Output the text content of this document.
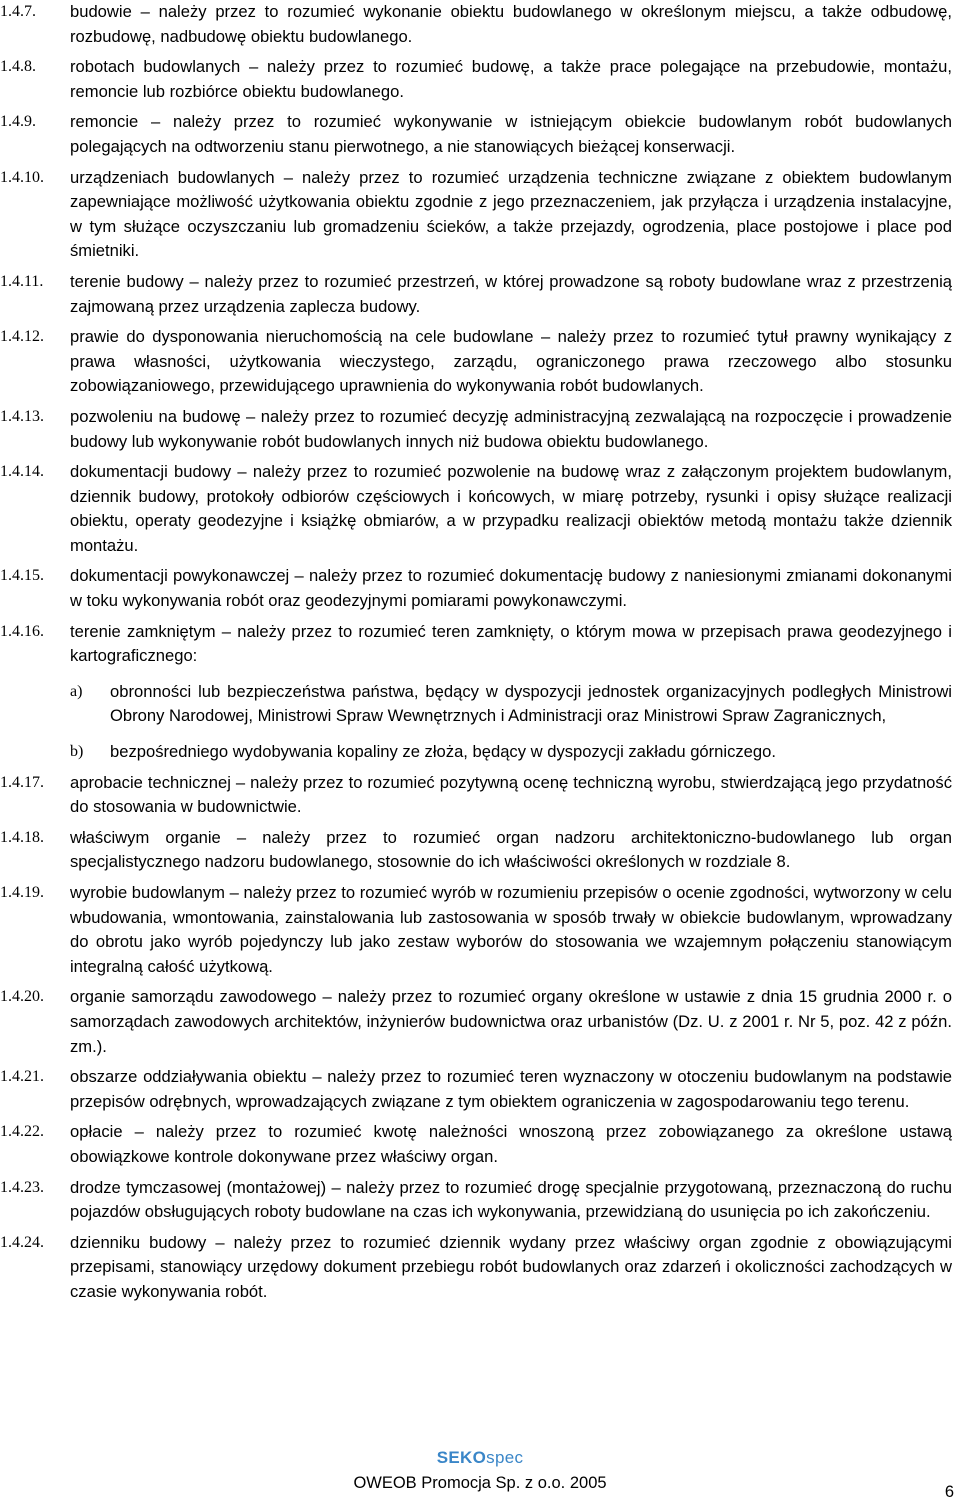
1.4.7. budowie – należy przez to rozumieć wykonanie obiektu budowlanego w określonym miejscu, a także odbudowę, rozbudowę, nadbudowę obiektu budowlanego.
1.4.8. robotach budowlanych – należy przez to rozumieć budowę, a także prace polegające na przebudowie, montażu, remoncie lub rozbiórce obiektu budowlanego.
1.4.9. remoncie – należy przez to rozumieć wykonywanie w istniejącym obiekcie budowlanym robót budowlanych polegających na odtworzeniu stanu pierwotnego, a nie stanowiących bieżącej konserwacji.
1.4.10. urządzeniach budowlanych – należy przez to rozumieć urządzenia techniczne związane z obiektem budowlanym zapewniające możliwość użytkowania obiektu zgodnie z jego przeznaczeniem, jak przyłącza i urządzenia instalacyjne, w tym służące oczyszczaniu lub gromadzeniu ścieków, a także przejazdy, ogrodzenia, place postojowe i place pod śmietniki.
1.4.11. terenie budowy – należy przez to rozumieć przestrzeń, w której prowadzone są roboty budowlane wraz z przestrzenią zajmowaną przez urządzenia zaplecza budowy.
1.4.12. prawie do dysponowania nieruchomością na cele budowlane – należy przez to rozumieć tytuł prawny wynikający z prawa własności, użytkowania wieczystego, zarządu, ograniczonego prawa rzeczowego albo stosunku zobowiązaniowego, przewidującego uprawnienia do wykonywania robót budowlanych.
1.4.13. pozwoleniu na budowę – należy przez to rozumieć decyzję administracyjną zezwalającą na rozpoczęcie i prowadzenie budowy lub wykonywanie robót budowlanych innych niż budowa obiektu budowlanego.
1.4.14. dokumentacji budowy – należy przez to rozumieć pozwolenie na budowę wraz z załączonym projektem budowlanym, dziennik budowy, protokoły odbiorów częściowych i końcowych, w miarę potrzeby, rysunki i opisy służące realizacji obiektu, operaty geodezyjne i książkę obmiarów, a w przypadku realizacji obiektów metodą montażu także dziennik montażu.
1.4.15. dokumentacji powykonawczej – należy przez to rozumieć dokumentację budowy z naniesionymi zmianami dokonanymi w toku wykonywania robót oraz geodezyjnymi pomiarami powykonawczymi.
1.4.16. terenie zamkniętym – należy przez to rozumieć teren zamknięty, o którym mowa w przepisach prawa geodezyjnego i kartograficznego:
a) obronności lub bezpieczeństwa państwa, będący w dyspozycji jednostek organizacyjnych podległych Ministrowi Obrony Narodowej, Ministrowi Spraw Wewnętrznych i Administracji oraz Ministrowi Spraw Zagranicznych,
b) bezpośredniego wydobywania kopaliny ze złoża, będący w dyspozycji zakładu górniczego.
1.4.17. aprobacie technicznej – należy przez to rozumieć pozytywną ocenę techniczną wyrobu, stwierdzającą jego przydatność do stosowania w budownictwie.
1.4.18. właściwym organie – należy przez to rozumieć organ nadzoru architektoniczno-budowlanego lub organ specjalistycznego nadzoru budowlanego, stosownie do ich właściwości określonych w rozdziale 8.
1.4.19. wyrobie budowlanym – należy przez to rozumieć wyrób w rozumieniu przepisów o ocenie zgodności, wytworzony w celu wbudowania, wmontowania, zainstalowania lub zastosowania w sposób trwały w obiekcie budowlanym, wprowadzany do obrotu jako wyrób pojedynczy lub jako zestaw wyborów do stosowania we wzajemnym połączeniu stanowiącym integralną całość użytkową.
1.4.20. organie samorządu zawodowego – należy przez to rozumieć organy określone w ustawie z dnia 15 grudnia 2000 r. o samorządach zawodowych architektów, inżynierów budownictwa oraz urbanistów (Dz. U. z 2001 r. Nr 5, poz. 42 z późn. zm.).
1.4.21. obszarze oddziaływania obiektu – należy przez to rozumieć teren wyznaczony w otoczeniu budowlanym na podstawie przepisów odrębnych, wprowadzających związane z tym obiektem ograniczenia w zagospodarowaniu tego terenu.
1.4.22. opłacie – należy przez to rozumieć kwotę należności wnoszoną przez zobowiązanego za określone ustawą obowiązkowe kontrole dokonywane przez właściwy organ.
1.4.23. drodze tymczasowej (montażowej) – należy przez to rozumieć drogę specjalnie przygotowaną, przeznaczoną do ruchu pojazdów obsługujących roboty budowlane na czas ich wykonywania, przewidzianą do usunięcia po ich zakończeniu.
1.4.24. dzienniku budowy – należy przez to rozumieć dziennik wydany przez właściwy organ zgodnie z obowiązującymi przepisami, stanowiący urzędowy dokument przebiegu robót budowlanych oraz zdarzeń i okoliczności zachodzących w czasie wykonywania robót.
SEKOspec
OWEOB Promocja Sp. z o.o. 2005	6
